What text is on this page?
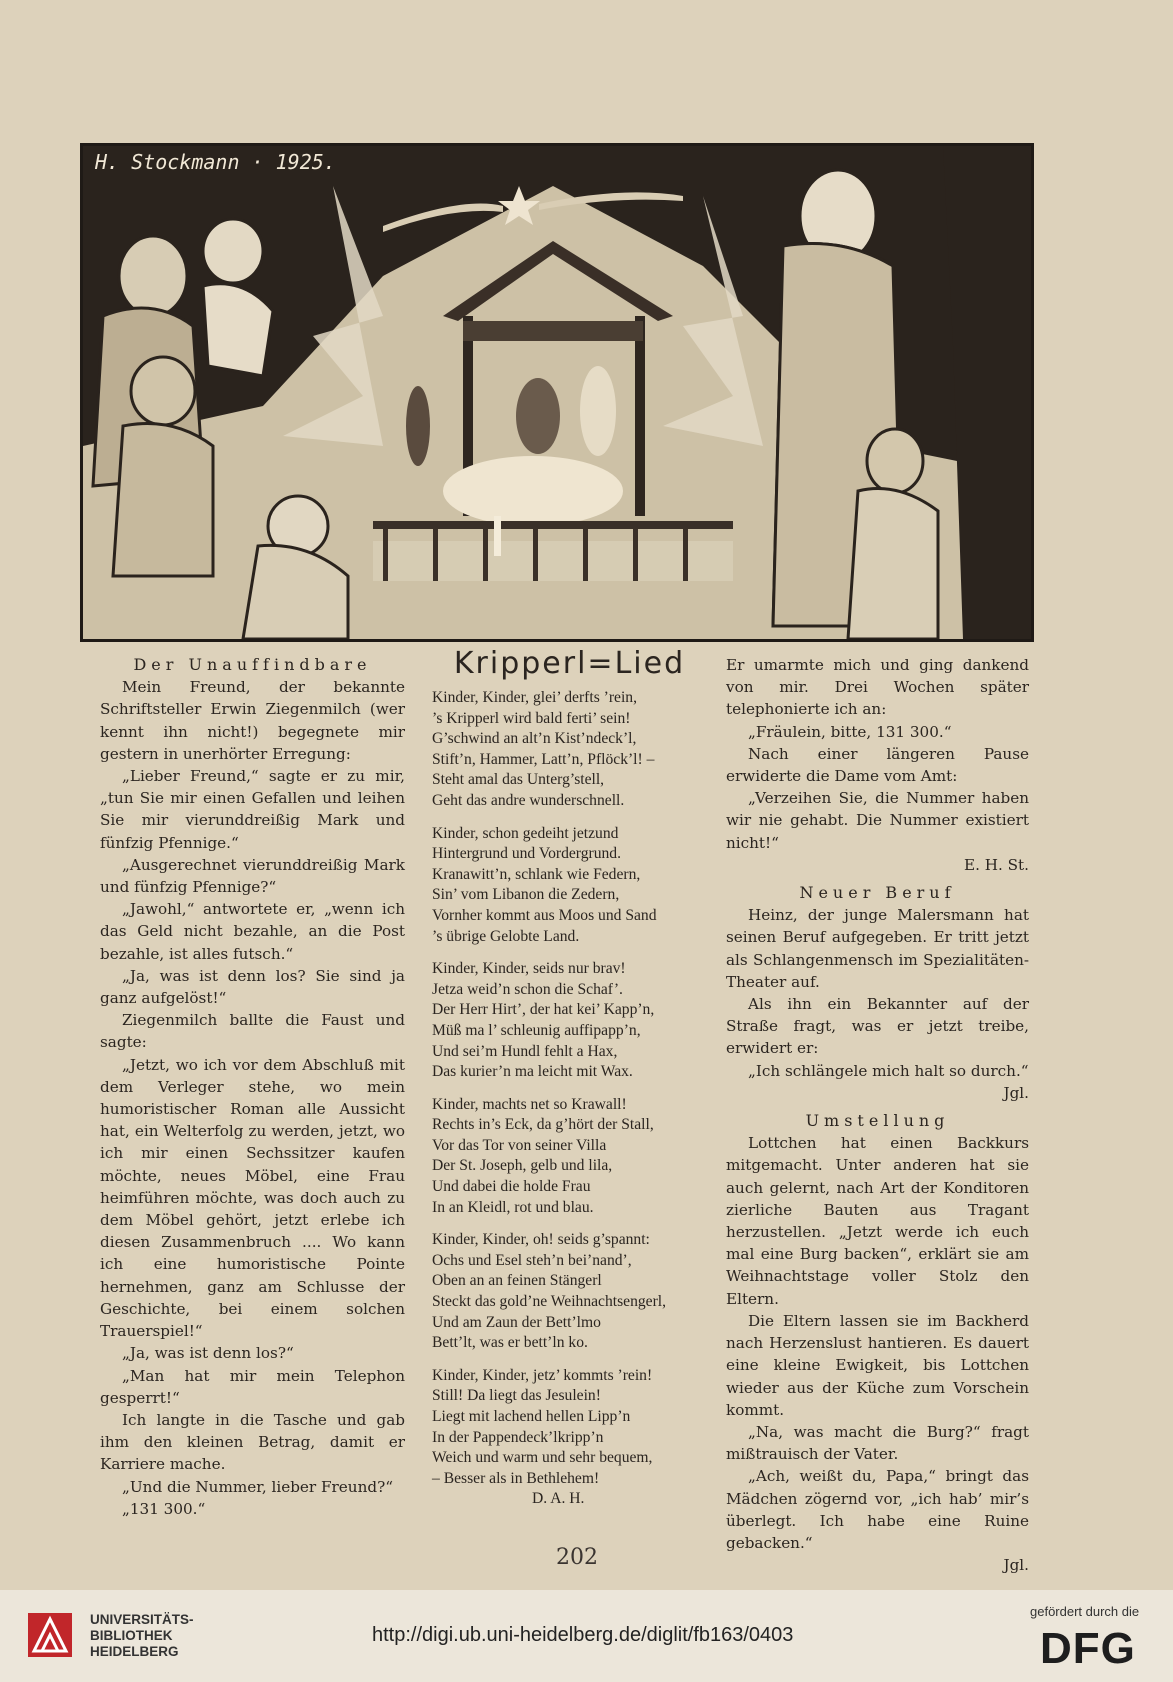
H. Stockmann · 1925.

Der Unauffindbare

Mein Freund, der bekannte Schriftsteller Erwin Ziegenmilch (wer kennt ihn nicht!) begegnete mir gestern in unerhörter Erregung:

„Lieber Freund,“ sagte er zu mir, „tun Sie mir einen Gefallen und leihen Sie mir vierunddreißig Mark und fünfzig Pfennige.“

„Ausgerechnet vierunddreißig Mark und fünfzig Pfennige?“

„Jawohl,“ antwortete er, „wenn ich das Geld nicht bezahle, an die Post bezahle, ist alles futsch.“

„Ja, was ist denn los? Sie sind ja ganz aufgelöst!“

Ziegenmilch ballte die Faust und sagte:

„Jetzt, wo ich vor dem Abschluß mit dem Verleger stehe, wo mein humoristischer Roman alle Aussicht hat, ein Welterfolg zu werden, jetzt, wo ich mir einen Sechssitzer kaufen möchte, neues Möbel, eine Frau heimführen möchte, was doch auch zu dem Möbel gehört, jetzt erlebe ich diesen Zusammenbruch .... Wo kann ich eine humoristische Pointe hernehmen, ganz am Schlusse der Geschichte, bei einem solchen Trauerspiel!“

„Ja, was ist denn los?“

„Man hat mir mein Telephon gesperrt!“

Ich langte in die Tasche und gab ihm den kleinen Betrag, damit er Karriere mache.

„Und die Nummer, lieber Freund?“

„131 300.“

Kripperl=Lied

Kinder, Kinder, glei’ derfts ’rein,

’s Kripperl wird bald ferti’ sein!

G’schwind an alt’n Kist’ndeck’l,

Stift’n, Hammer, Latt’n, Pflöck’l! –

Steht amal das Unterg’stell,

Geht das andre wunderschnell.

Kinder, schon gedeiht jetzund

Hintergrund und Vordergrund.

Kranawitt’n, schlank wie Federn,

Sin’ vom Libanon die Zedern,

Vornher kommt aus Moos und Sand

’s übrige Gelobte Land.

Kinder, Kinder, seids nur brav!

Jetza weid’n schon die Schaf’.

Der Herr Hirt’, der hat kei’ Kapp’n,

Müß ma l’ schleunig auffipapp’n,

Und sei’m Hundl fehlt a Hax,

Das kurier’n ma leicht mit Wax.

Kinder, machts net so Krawall!

Rechts in’s Eck, da g’hört der Stall,

Vor das Tor von seiner Villa

Der St. Joseph, gelb und lila,

Und dabei die holde Frau

In an Kleidl, rot und blau.

Kinder, Kinder, oh! seids g’spannt:

Ochs und Esel steh’n bei’nand’,

Oben an an feinen Stängerl

Steckt das gold’ne Weihnachtsengerl,

Und am Zaun der Bett’lmo

Bett’lt, was er bett’ln ko.

Kinder, Kinder, jetz’ kommts ’rein!

Still! Da liegt das Jesulein!

Liegt mit lachend hellen Lipp’n

In der Pappendeck’lkripp’n

Weich und warm und sehr bequem,

– Besser als in Bethlehem!

D. A. H.

Er umarmte mich und ging dankend von mir. Drei Wochen später telephonierte ich an:

„Fräulein, bitte, 131 300.“

Nach einer längeren Pause erwiderte die Dame vom Amt:

„Verzeihen Sie, die Nummer haben wir nie gehabt. Die Nummer existiert nicht!“

E. H. St.

Neuer Beruf

Heinz, der junge Malersmann hat seinen Beruf aufgegeben. Er tritt jetzt als Schlangenmensch im Spezialitäten-Theater auf.

Als ihn ein Bekannter auf der Straße fragt, was er jetzt treibe, erwidert er:

„Ich schlängele mich halt so durch.“

Jgl.

Umstellung

Lottchen hat einen Backkurs mitgemacht. Unter anderen hat sie auch gelernt, nach Art der Konditoren zierliche Bauten aus Tragant herzustellen. „Jetzt werde ich euch mal eine Burg backen“, erklärt sie am Weihnachtstage voller Stolz den Eltern.

Die Eltern lassen sie im Backherd nach Herzenslust hantieren. Es dauert eine kleine Ewigkeit, bis Lottchen wieder aus der Küche zum Vorschein kommt.

„Na, was macht die Burg?“ fragt mißtrauisch der Vater.

„Ach, weißt du, Papa,“ bringt das Mädchen zögernd vor, „ich hab’ mir’s überlegt. Ich habe eine Ruine gebacken.“

Jgl.

202
UNIVERSITÄTS-
BIBLIOTHEK
HEIDELBERG
http://digi.ub.uni-heidelberg.de/diglit/fb163/0403
gefördert durch die
DFG
